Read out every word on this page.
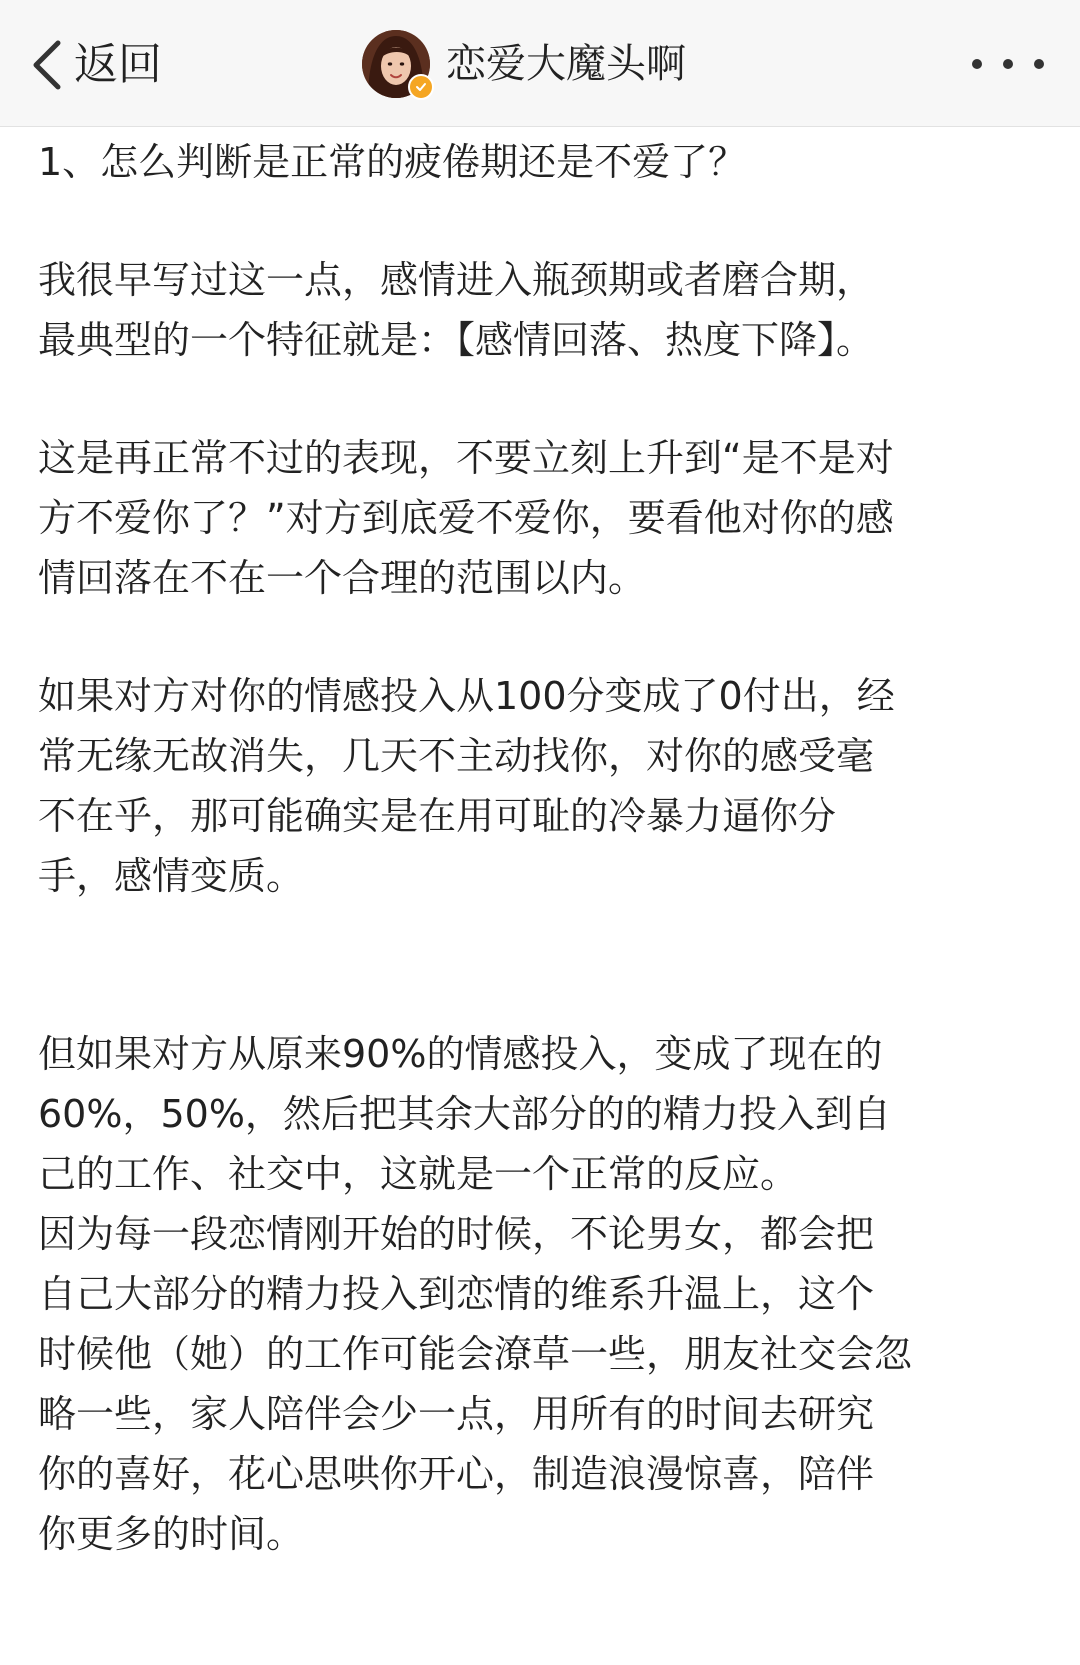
返回	恋爱大魔头啊

1、怎么判断是正常的疲倦期还是不爱了？

我很早写过这一点，感情进入瓶颈期或者磨合期，

最典型的一个特征就是：【感情回落、热度下降】。

这是再正常不过的表现，不要立刻上升到“是不是对

方不爱你了？”对方到底爱不爱你，要看他对你的感

情回落在不在一个合理的范围以内。

如果对方对你的情感投入从100分变成了0付出，经

常无缘无故消失，几天不主动找你，对你的感受毫

不在乎，那可能确实是在用可耻的冷暴力逼你分

手，感情变质。

但如果对方从原来90%的情感投入，变成了现在的

60%，50%，然后把其余大部分的的精力投入到自

己的工作、社交中，这就是一个正常的反应。

因为每一段恋情刚开始的时候，不论男女，都会把

自己大部分的精力投入到恋情的维系升温上，这个

时候他（她）的工作可能会潦草一些，朋友社交会忽

略一些，家人陪伴会少一点，用所有的时间去研究

你的喜好，花心思哄你开心，制造浪漫惊喜，陪伴

你更多的时间。
